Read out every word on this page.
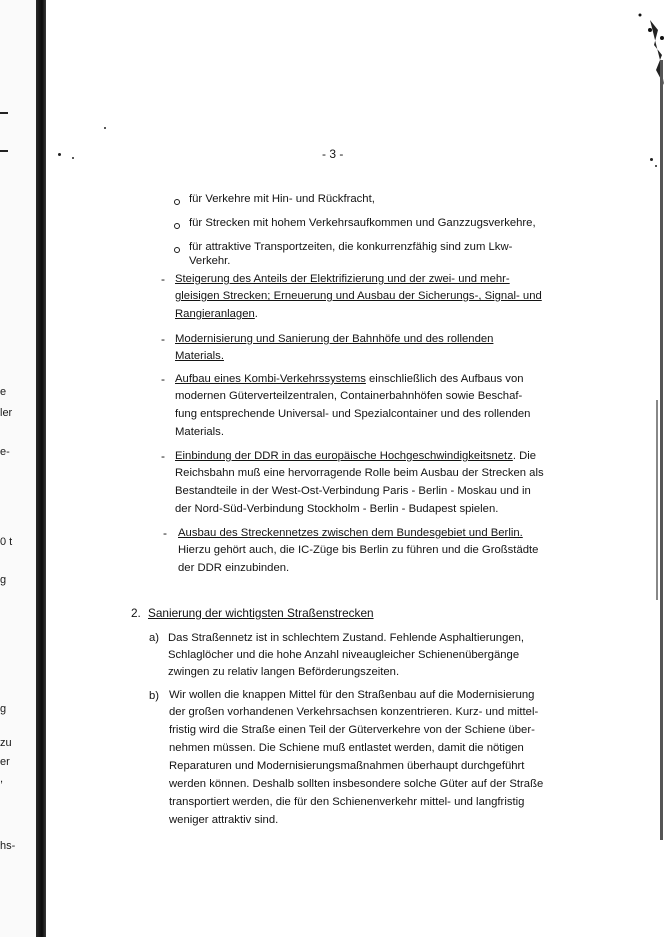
e
ler
e-
0 t
g
g
zu
er
,
hs-
- 3 -
für Verkehre mit Hin- und Rückfracht,
für Strecken mit hohem Verkehrsaufkommen und Ganzzugsverkehre,
für attraktive Transportzeiten, die konkurrenzfähig sind zum Lkw-
Verkehr.
- Steigerung des Anteils der Elektrifizierung und der zwei- und mehr-
gleisigen Strecken; Erneuerung und Ausbau der Sicherungs-, Signal- und
Rangieranlagen.
- Modernisierung und Sanierung der Bahnhöfe und des rollenden
Materials.
- Aufbau eines Kombi-Verkehrssystems einschließlich des Aufbaus von
modernen Güterverteilzentralen, Containerbahnhöfen sowie Beschaf-
fung entsprechende Universal- und Spezialcontainer und des rollenden
Materials.
- Einbindung der DDR in das europäische Hochgeschwindigkeitsnetz. Die
Reichsbahn muß eine hervorragende Rolle beim Ausbau der Strecken als
Bestandteile in der West-Ost-Verbindung Paris - Berlin - Moskau und in
der Nord-Süd-Verbindung Stockholm - Berlin - Budapest spielen.
- Ausbau des Streckennetzes zwischen dem Bundesgebiet und Berlin.
Hierzu gehört auch, die IC-Züge bis Berlin zu führen und die Großstädte
der DDR einzubinden.
2. Sanierung der wichtigsten Straßenstrecken
a) Das Straßennetz ist in schlechtem Zustand. Fehlende Asphaltierungen,
Schlaglöcher und die hohe Anzahl niveaugleicher Schienenübergänge
zwingen zu relativ langen Beförderungszeiten.
b) Wir wollen die knappen Mittel für den Straßenbau auf die Modernisierung
der großen vorhandenen Verkehrsachsen konzentrieren. Kurz- und mittel-
fristig wird die Straße einen Teil der Güterverkehre von der Schiene über-
nehmen müssen. Die Schiene muß entlastet werden, damit die nötigen
Reparaturen und Modernisierungsmaßnahmen überhaupt durchgeführt
werden können. Deshalb sollten insbesondere solche Güter auf der Straße
transportiert werden, die für den Schienenverkehr mittel- und langfristig
weniger attraktiv sind.
